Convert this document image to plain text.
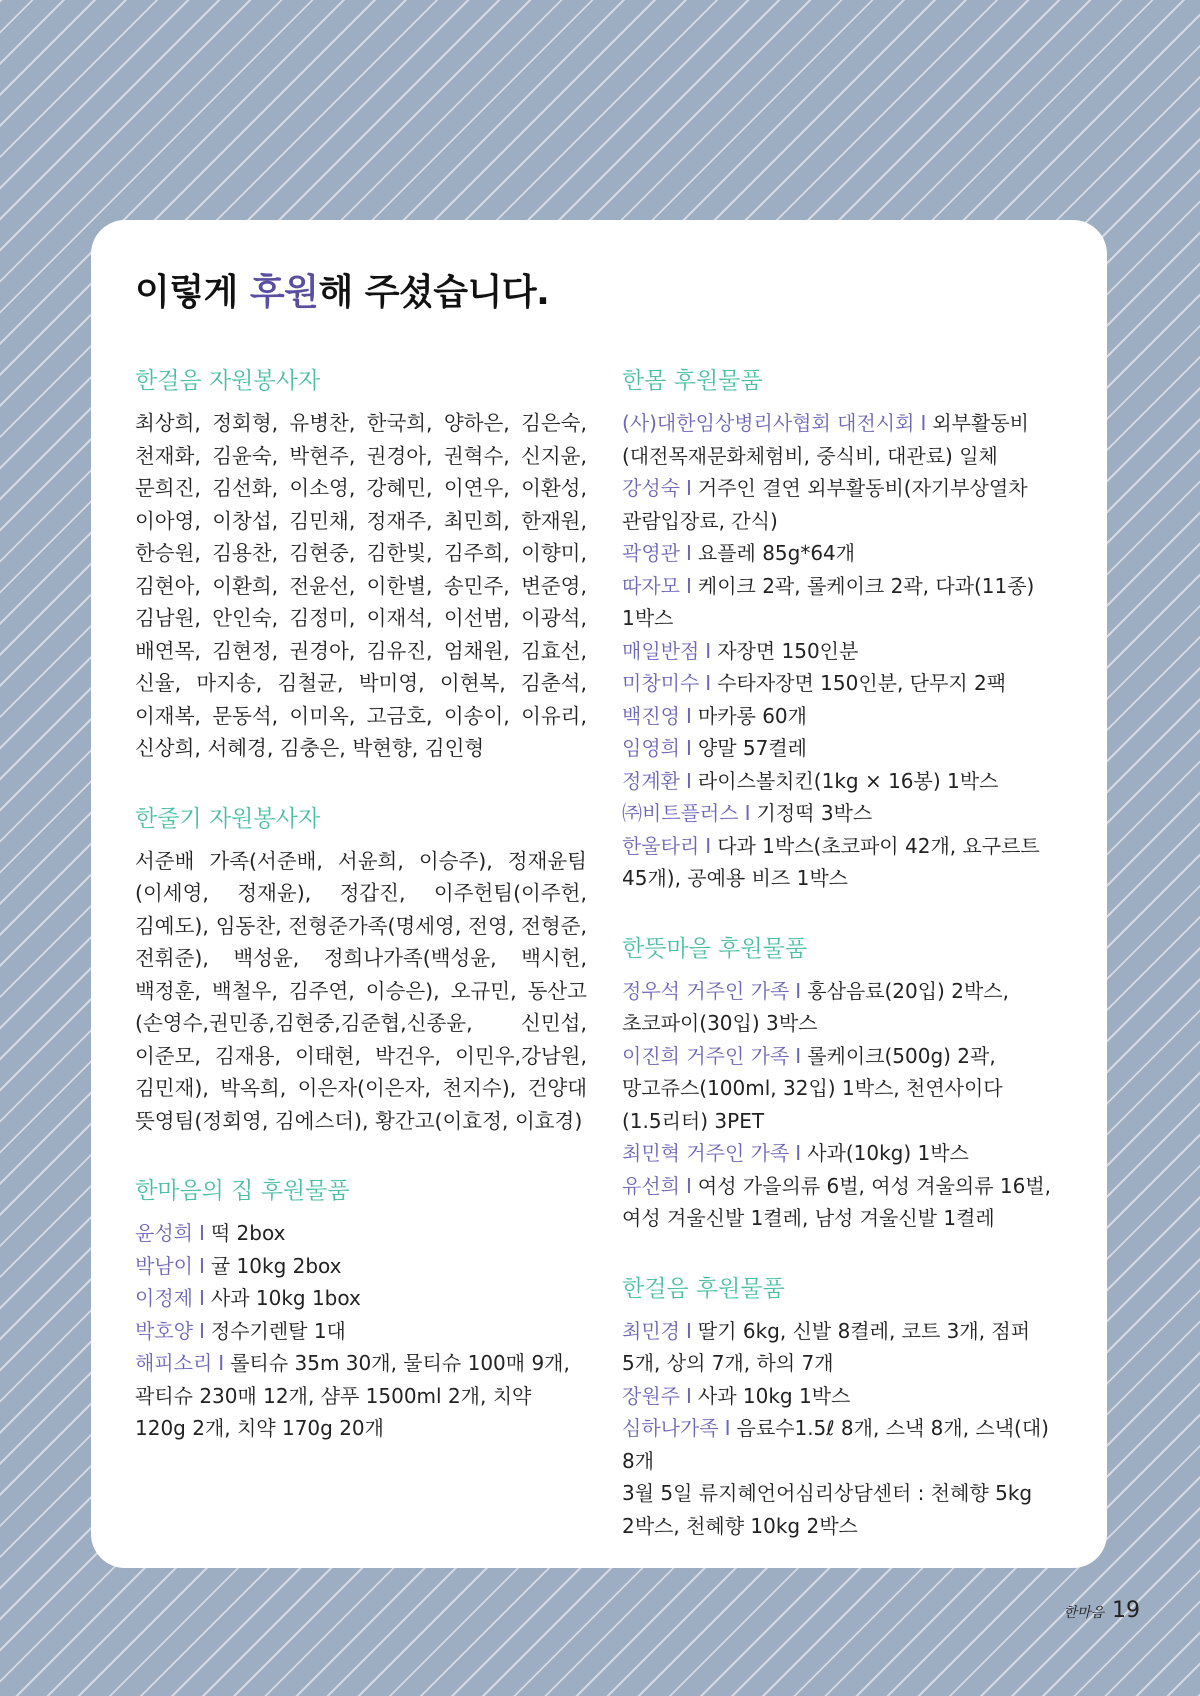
이렇게 후원해 주셨습니다.
한걸음 자원봉사자

최상희, 정회형, 유병찬, 한국희, 양하은, 김은숙, 천재화, 김윤숙, 박현주, 권경아, 권혁수, 신지윤, 문희진, 김선화, 이소영, 강혜민, 이연우, 이환성, 이아영, 이창섭, 김민채, 정재주, 최민희, 한재원, 한승원, 김용찬, 김현중, 김한빛, 김주희, 이향미, 김현아, 이환희, 전윤선, 이한별, 송민주, 변준영, 김남원, 안인숙, 김정미, 이재석, 이선범, 이광석, 배연목, 김현정, 권경아, 김유진, 엄채원, 김효선, 신율, 마지송, 김철균, 박미영, 이현복, 김춘석, 이재복, 문동석, 이미옥, 고금호, 이송이, 이유리, 신상희, 서혜경, 김충은, 박현향, 김인형

한줄기 자원봉사자

서준배 가족(서준배, 서윤희, 이승주), 정재윤팀(이세영, 정재윤), 정갑진, 이주헌팀(이주헌, 김예도), 임동찬, 전형준가족(명세영, 전영, 전형준, 전휘준), 백성윤, 정희나가족(백성윤, 백시헌, 백정훈, 백철우, 김주연, 이승은), 오규민, 동산고(손영수,권민종,김현중,김준협,신종윤, 신민섭, 이준모, 김재용, 이태현, 박건우, 이민우,강남원,김민재), 박옥희, 이은자(이은자, 천지수), 건양대 뜻영팀(정회영, 김에스더), 황간고(이효정, 이효경)

한마음의 집 후원물품

윤성희 I 떡 2box

박남이 I 귤 10kg 2box

이정제 I 사과 10kg 1box

박호양 I 정수기렌탈 1대

해피소리 I 롤티슈 35m 30개, 물티슈 100매 9개, 곽티슈 230매 12개, 샴푸 1500ml 2개, 치약 120g 2개, 치약 170g 20개

한몸 후원물품

(사)대한임상병리사협회 대전시회 I 외부활동비(대전목재문화체험비, 중식비, 대관료) 일체

강성숙 I 거주인 결연 외부활동비(자기부상열차 관람입장료, 간식)

곽영관 I 요플레 85g*64개

따자모 I 케이크 2곽, 롤케이크 2곽, 다과(11종) 1박스

매일반점 I 자장면 150인분

미창미수 I 수타자장면 150인분, 단무지 2팩

백진영 I 마카롱 60개

임영희 I 양말 57켤레

정계환 I 라이스볼치킨(1kg × 16봉) 1박스

㈜비트플러스 I 기정떡 3박스

한울타리 I 다과 1박스(초코파이 42개, 요구르트 45개), 공예용 비즈 1박스

한뜻마을 후원물품

정우석 거주인 가족 I 홍삼음료(20입) 2박스, 초코파이(30입) 3박스

이진희 거주인 가족 I 롤케이크(500g) 2곽, 망고쥬스(100ml, 32입) 1박스, 천연사이다(1.5리터) 3PET

최민혁 거주인 가족 I 사과(10kg) 1박스

유선희 I 여성 가을의류 6벌, 여성 겨울의류 16벌, 여성 겨울신발 1켤레, 남성 겨울신발 1켤레

한걸음 후원물품

최민경 I 딸기 6kg, 신발 8켤레, 코트 3개, 점퍼 5개, 상의 7개, 하의 7개

장원주 I 사과 10kg 1박스

심하나가족 I 음료수1.5ℓ 8개, 스낵 8개, 스낵(대) 8개

3월 5일 류지혜언어심리상담센터 : 천혜향 5kg 2박스, 천혜향 10kg 2박스

한마음 19
